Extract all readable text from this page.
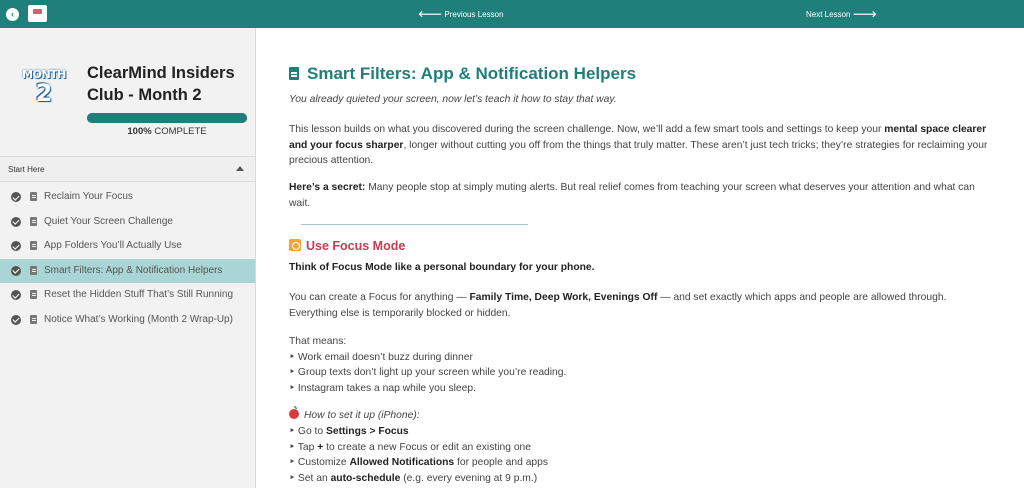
‹	🡐 Previous Lesson	Next Lesson 🡒
MONTH
2
ClearMind Insiders Club - Month 2
100% COMPLETE
Start Here
Reclaim Your Focus
Quiet Your Screen Challenge
App Folders You’ll Actually Use
Smart Filters: App & Notification Helpers
Reset the Hidden Stuff That’s Still Running
Notice What’s Working (Month 2 Wrap-Up)
Smart Filters: App & Notification Helpers
You already quieted your screen, now let’s teach it how to stay that way.
This lesson builds on what you discovered during the screen challenge. Now, we’ll add a few smart tools and settings to keep your mental space clearer and your focus sharper, longer without cutting you off from the things that truly matter. These aren’t just tech tricks; they’re strategies for reclaiming your precious attention.
Here’s a secret: Many people stop at simply muting alerts. But real relief comes from teaching your screen what deserves your attention and what can wait.
Use Focus Mode
Think of Focus Mode like a personal boundary for your phone.
You can create a Focus for anything — Family Time, Deep Work, Evenings Off — and set exactly which apps and people are allowed through. Everything else is temporarily blocked or hidden.
That means:
‣ Work email doesn’t buzz during dinner
‣ Group texts don’t light up your screen while you’re reading.
‣ Instagram takes a nap while you sleep.
How to set it up (iPhone):
‣ Go to Settings > Focus
‣ Tap + to create a new Focus or edit an existing one
‣ Customize Allowed Notifications for people and apps
‣ Set an auto-schedule (e.g. every evening at 9 p.m.)
